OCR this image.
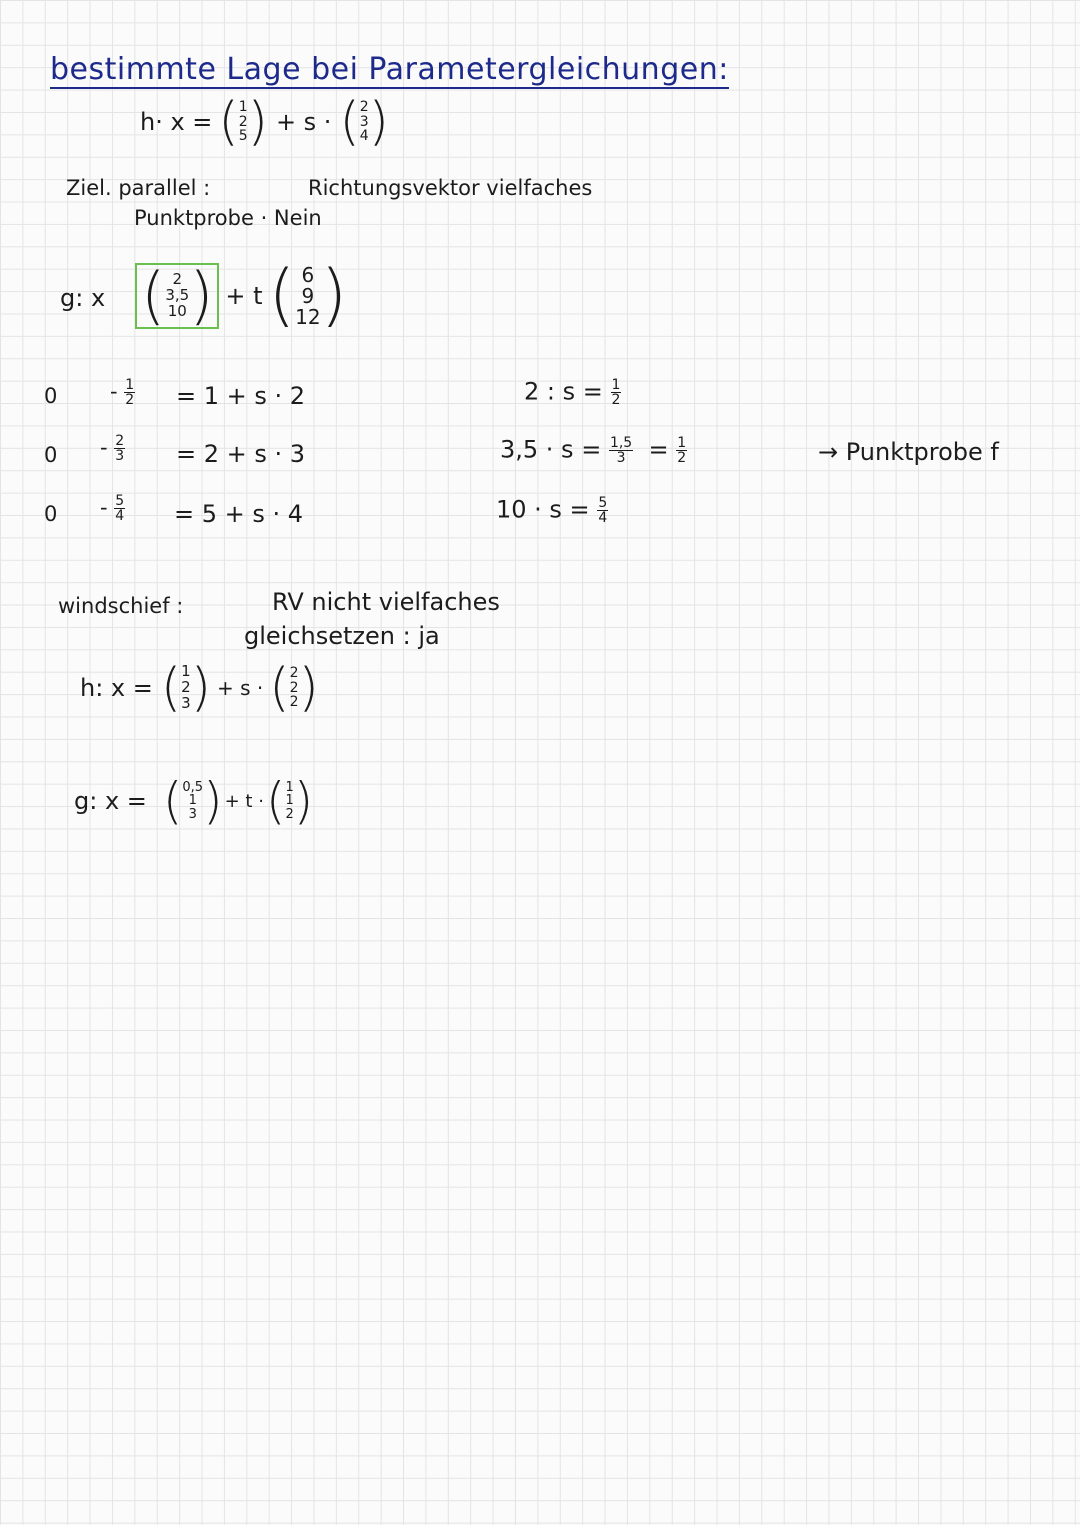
bestimmte Lage bei Parametergleichungen:
h· x = ( 1
2
5 ) + s · ( 2
3
4 )
Ziel. parallel :	Richtungsvektor vielfaches
Punktprobe · Nein
g: x ( 2
3,5
10 ) + t ( 6
9
12 )
0	- $\frac{1}{2} = 1 + s \cdot 2$	2 : $s = \frac{1}{2}$
$0 - \frac{2}{3} = 2 + s \cdot 3$	$3,5 \cdot s = \frac{1,5}{3} = \frac{1}{2}$	→ Punktprobe f
$0 - \frac{5}{4} = 5 + s \cdot 4$	$10 \cdot s = \frac{5}{4}$
windschief :	RV nicht vielfaches
gleichsetzen : ja
h: x = ( 1
2
3 ) + s · ( 2
2
2 )
g: x = ( 0,5
1
3 ) + t · ( 1
1
2 )
